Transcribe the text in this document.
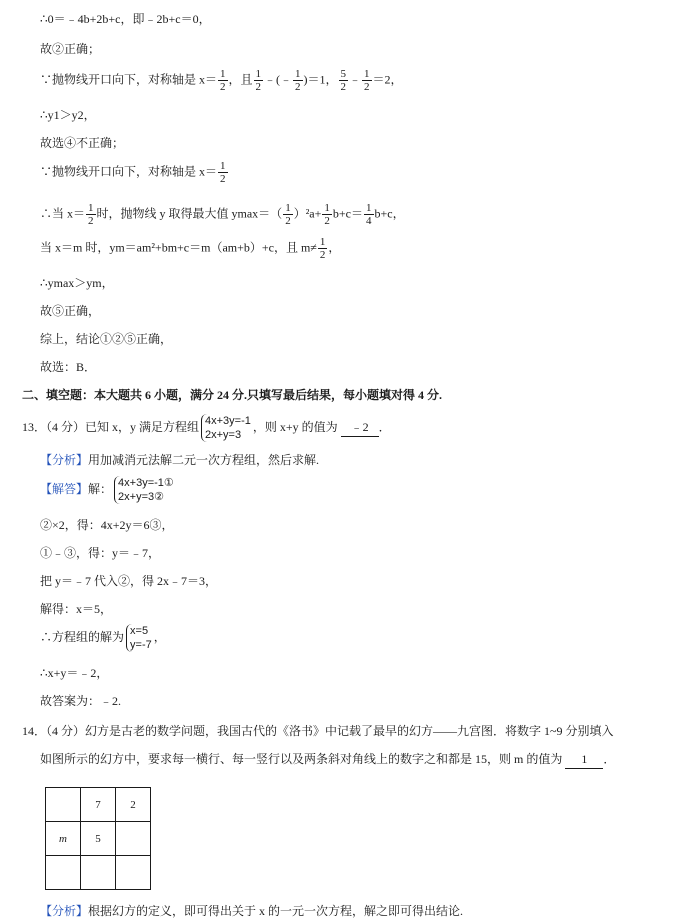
∴0＝﹣4b+2b+c，即﹣2b+c＝0，
故②正确；
∵抛物线开口向下，对称轴是 $x= \frac{1}{2}$ ，且 $\frac{1}{2}$ ﹣(﹣ $\frac{1}{2} )=1$， $\frac{5}{2}$ ﹣ $\frac{1}{2} =2$，
∴y1＞y2，
故选④不正确；
∵抛物线开口向下，对称轴是 $x= \frac{1}{2}$
∴当 $x= \frac{1}{2}$ 时，抛物线 y 取得最大值 $ymax=( \frac{1}{2} )^2a+ \frac{1}{2} b+c= \frac{1}{4} b+c$，
当 x＝m 时，ym＝am²+bm+c＝m（am+b）+c，且 $m\ne \frac{1}{2}$ ，
∴ymax＞ym，
故⑤正确，
综上，结论①②⑤正确，
故选：B．
二、填空题：本大题共 6 小题，满分 24 分.只填写最后结果，每小题填对得 4 分.
13．（4 分）已知 x，y 满足方程组 4x+3y=-1
2x+y=3
，则 x+y 的值为 ﹣2 ．
【分析】用加减消元法解二元一次方程组，然后求解.
【解答】解： 4x+3y=-1①
2x+y=3②
②×2，得：4x+2y＝6③，
①﹣③，得：y＝﹣7，
把 y＝﹣7 代入②，得 2x﹣7＝3，
解得：x＝5，
∴方程组的解为 x=5
y=-7
，
∴x+y＝﹣2，
故答案为：﹣2.
14．（4 分）幻方是古老的数学问题，我国古代的《洛书》中记载了最早的幻方——九宫图．将数字 1~9 分别填入
如图所示的幻方中，要求每一横行、每一竖行以及两条斜对角线上的数字之和都是 15，则 m 的值为 1 ．
	7	2
m	5	

【分析】根据幻方的定义，即可得出关于 x 的一元一次方程，解之即可得出结论.
